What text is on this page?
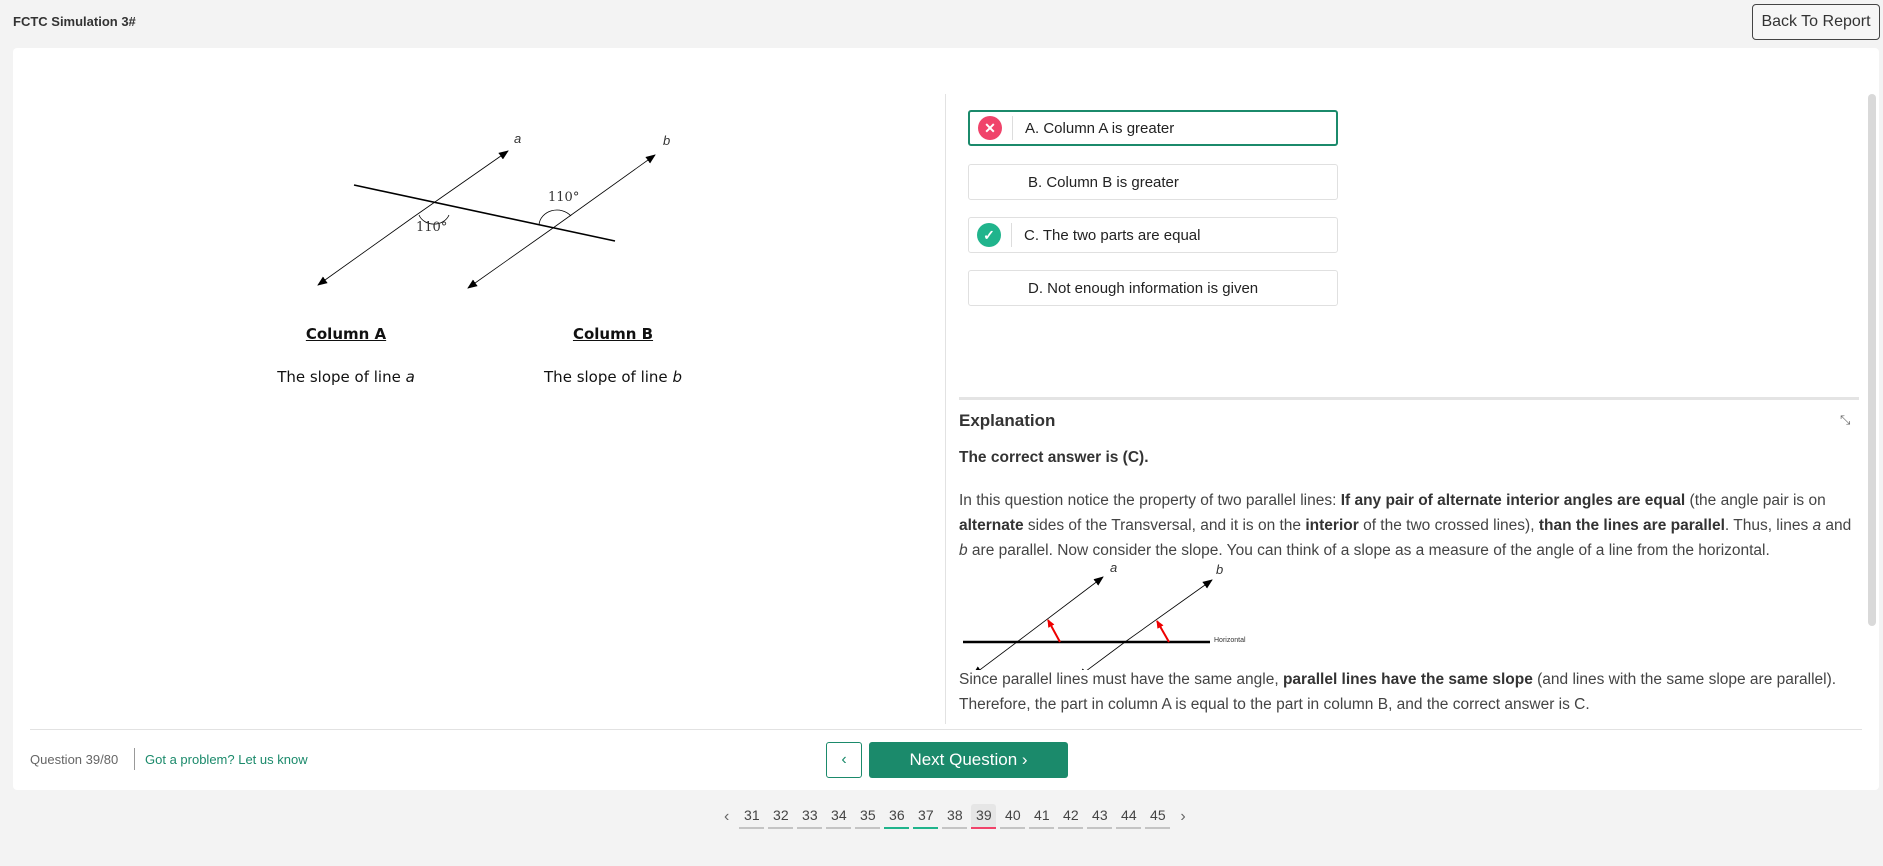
FCTC Simulation 3#	Back To Report
a	b
110°
110°
Column A	Column B
The slope of line a	The slope of line b
✕	A. Column A is greater
B. Column B is greater
✓	C. The two parts are equal
D. Not enough information is given
Explanation	⤡
The correct answer is (C).
In this question notice the property of two parallel lines: If any pair of alternate interior angles are equal (the angle pair is on alternate sides of the Transversal, and it is on the interior of the two crossed lines), than the lines are parallel. Thus, lines a and b are parallel. Now consider the slope. You can think of a slope as a measure of the angle of a line from the horizontal.
a	b
Horizontal
Since parallel lines must have the same angle, parallel lines have the same slope (and lines with the same slope are parallel). Therefore, the part in column A is equal to the part in column B, and the correct answer is C.
Question 39/80 Got a problem? Let us know	‹	Next Question ›
‹	31 32 33 34 35 36 37 38 39 40 41 42 43 44 45 ›
